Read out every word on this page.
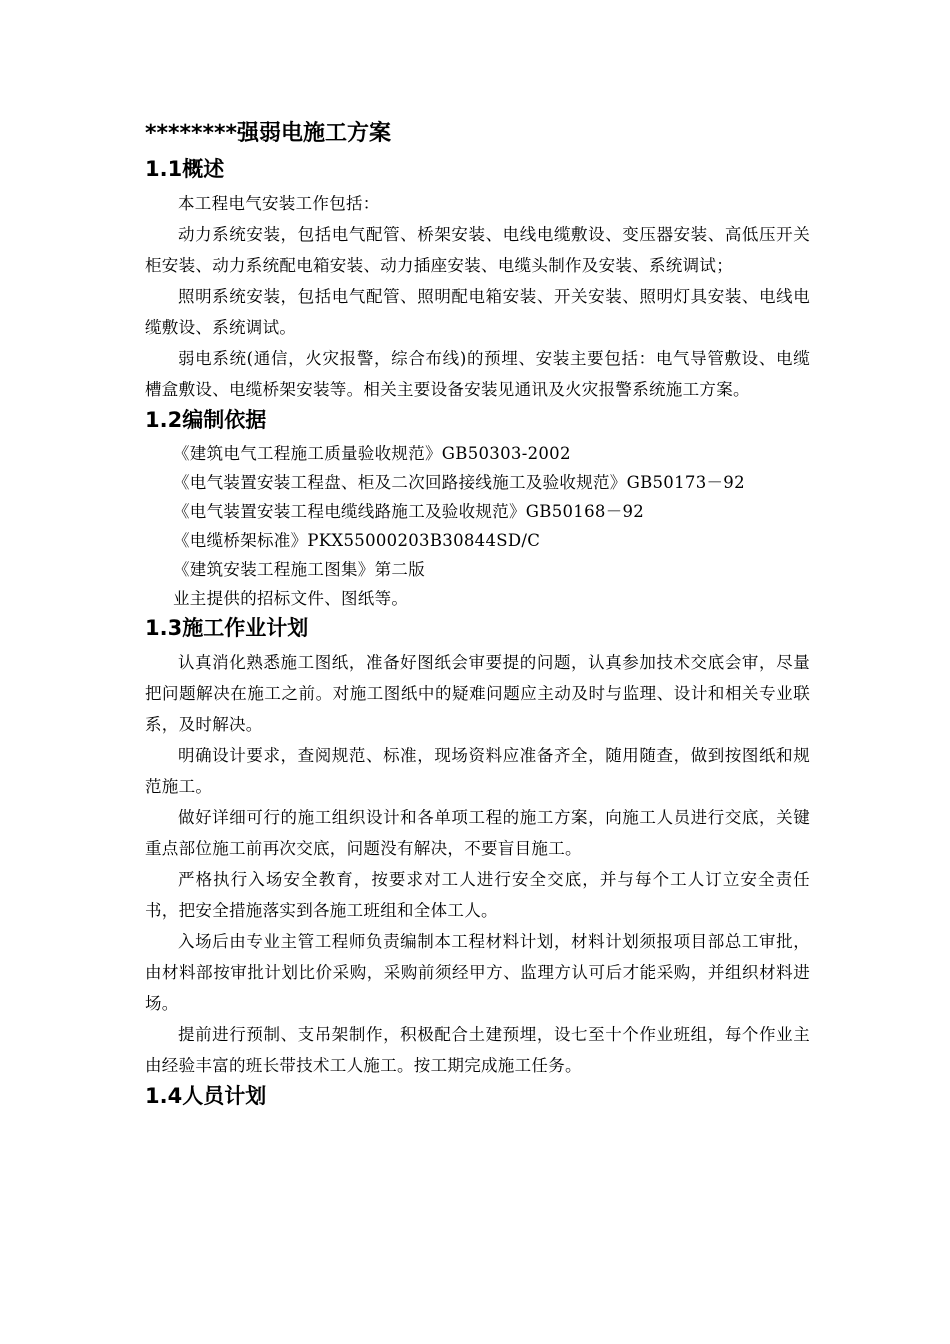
********强弱电施工方案
1.1概述

本工程电气安装工作包括：

动力系统安装，包括电气配管、桥架安装、电线电缆敷设、变压器安装、高低压开关柜安装、动力系统配电箱安装、动力插座安装、电缆头制作及安装、系统调试；

照明系统安装，包括电气配管、照明配电箱安装、开关安装、照明灯具安装、电线电缆敷设、系统调试。

弱电系统(通信，火灾报警，综合布线)的预埋、安装主要包括：电气导管敷设、电缆槽盒敷设、电缆桥架安装等。相关主要设备安装见通讯及火灾报警系统施工方案。

1.2编制依据

《建筑电气工程施工质量验收规范》GB50303-2002

《电气装置安装工程盘、柜及二次回路接线施工及验收规范》GB50173－92

《电气装置安装工程电缆线路施工及验收规范》GB50168－92

《电缆桥架标准》PKX55000203B30844SD/C

《建筑安装工程施工图集》第二版

业主提供的招标文件、图纸等。

1.3施工作业计划

认真消化熟悉施工图纸，准备好图纸会审要提的问题，认真参加技术交底会审，尽量把问题解决在施工之前。对施工图纸中的疑难问题应主动及时与监理、设计和相关专业联系，及时解决。

明确设计要求，查阅规范、标准，现场资料应准备齐全，随用随查，做到按图纸和规范施工。

做好详细可行的施工组织设计和各单项工程的施工方案，向施工人员进行交底，关键重点部位施工前再次交底，问题没有解决，不要盲目施工。

严格执行入场安全教育，按要求对工人进行安全交底，并与每个工人订立安全责任书，把安全措施落实到各施工班组和全体工人。

入场后由专业主管工程师负责编制本工程材料计划，材料计划须报项目部总工审批，由材料部按审批计划比价采购，采购前须经甲方、监理方认可后才能采购，并组织材料进场。

提前进行预制、支吊架制作，积极配合土建预埋，设七至十个作业班组，每个作业主由经验丰富的班长带技术工人施工。按工期完成施工任务。

1.4人员计划
